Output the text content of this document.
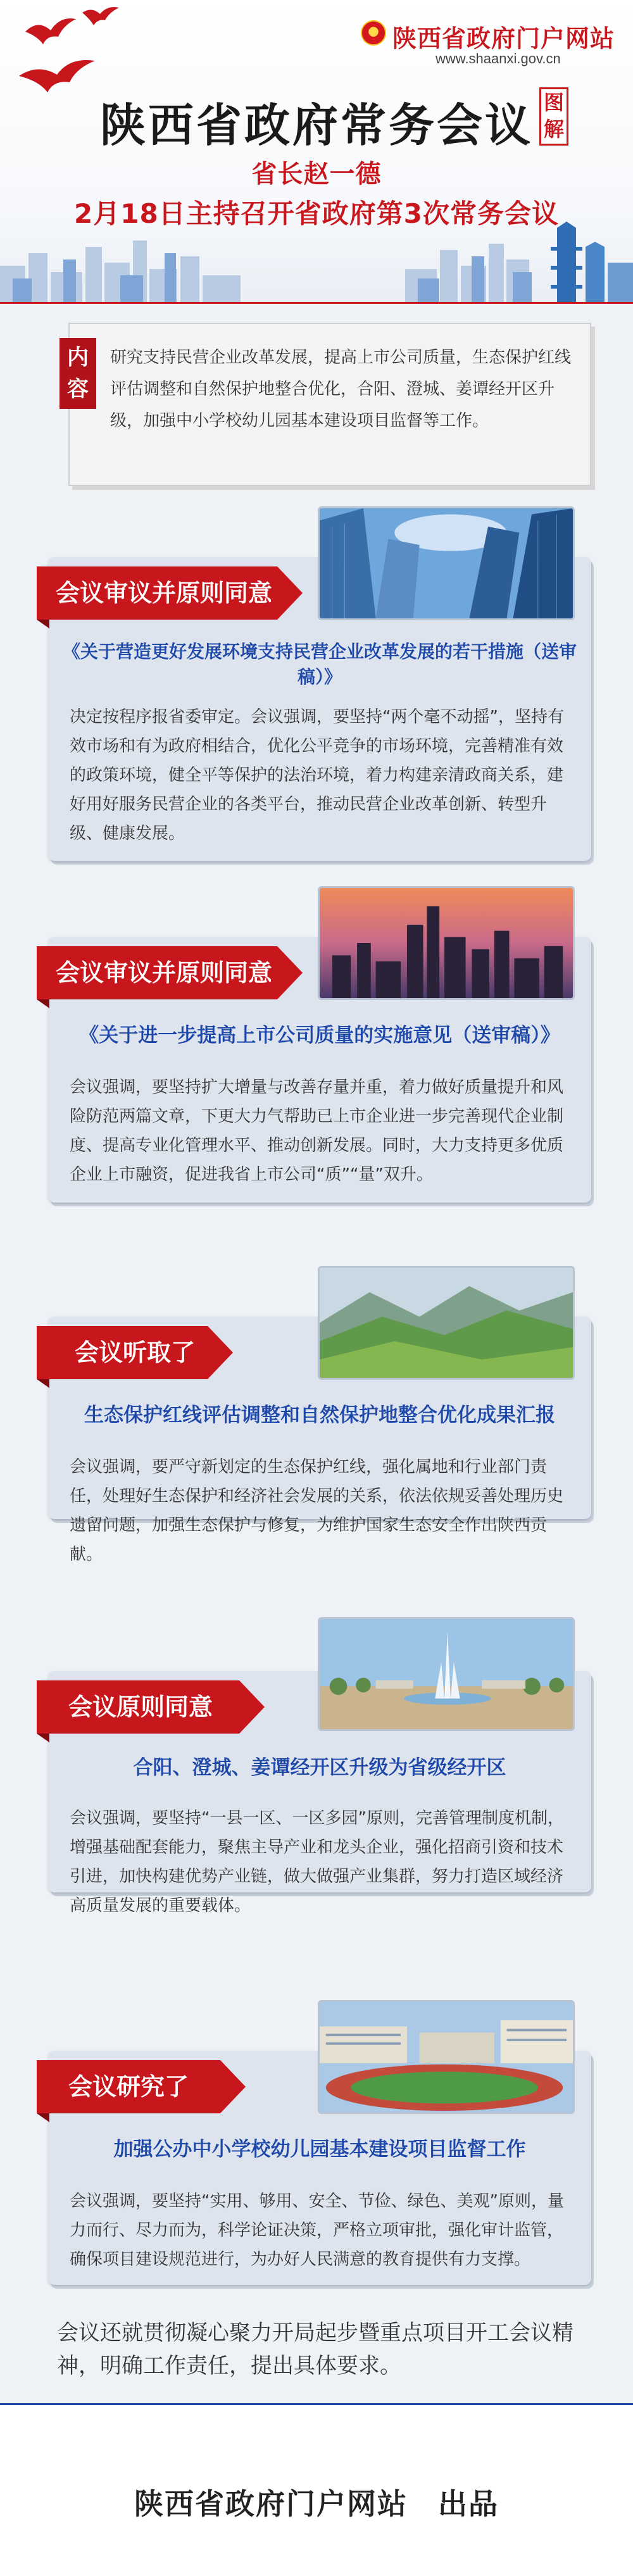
陕西省政府门户网站
www.shaanxi.gov.cn
陕西省政府常务会议 图解
省长赵一德
2月18日主持召开省政府第3次常务会议
内容
研究支持民营企业改革发展，提高上市公司质量，生态保护红线评估调整和自然保护地整合优化，合阳、澄城、姜谭经开区升级，加强中小学校幼儿园基本建设项目监督等工作。
会议审议并原则同意
《关于营造更好发展环境支持民营企业改革发展的若干措施（送审稿）》
决定按程序报省委审定。会议强调，要坚持“两个毫不动摇”，坚持有效市场和有为政府相结合，优化公平竞争的市场环境，完善精准有效的政策环境，健全平等保护的法治环境，着力构建亲清政商关系，建好用好服务民营企业的各类平台，推动民营企业改革创新、转型升级、健康发展。
会议审议并原则同意
《关于进一步提高上市公司质量的实施意见（送审稿）》
会议强调，要坚持扩大增量与改善存量并重，着力做好质量提升和风险防范两篇文章，下更大力气帮助已上市企业进一步完善现代企业制度、提高专业化管理水平、推动创新发展。同时，大力支持更多优质企业上市融资，促进我省上市公司“质”“量”双升。
会议听取了
生态保护红线评估调整和自然保护地整合优化成果汇报
会议强调，要严守新划定的生态保护红线，强化属地和行业部门责任，处理好生态保护和经济社会发展的关系，依法依规妥善处理历史遗留问题，加强生态保护与修复，为维护国家生态安全作出陕西贡献。
会议原则同意
合阳、澄城、姜谭经开区升级为省级经开区
会议强调，要坚持“一县一区、一区多园”原则，完善管理制度机制，增强基础配套能力，聚焦主导产业和龙头企业，强化招商引资和技术引进，加快构建优势产业链，做大做强产业集群，努力打造区域经济高质量发展的重要载体。
会议研究了
加强公办中小学校幼儿园基本建设项目监督工作
会议强调，要坚持“实用、够用、安全、节俭、绿色、美观”原则，量力而行、尽力而为，科学论证决策，严格立项审批，强化审计监管，确保项目建设规范进行，为办好人民满意的教育提供有力支撑。
会议还就贯彻凝心聚力开局起步暨重点项目开工会议精神，明确工作责任，提出具体要求。
陕西省政府门户网站　出品
